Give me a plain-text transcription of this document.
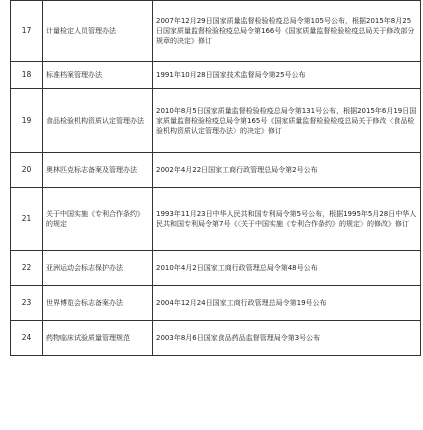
17	计量检定人员管理办法	2007年12月29日国家质量监督检验检疫总局令第105号公布，根据2015年8月25日国家质量监督检验检疫总局令第166号《国家质量监督检验检疫总局关于修改部分规章的决定》修订
18	标准档案管理办法	1991年10月28日国家技术监督局令第25号公布
19	食品检验机构资质认定管理办法	2010年8月5日国家质量监督检验检疫总局令第131号公布，根据2015年6月19日国家质量监督检验检疫总局令第165号《国家质量监督检验检疫总局关于修改〈食品检验机构资质认定管理办法〉的决定》修订
20	奥林匹克标志备案及管理办法	2002年4月22日国家工商行政管理总局令第2号公布
21	关于中国实施《专利合作条约》的规定	1993年11月23日中华人民共和国专利局令第5号公布，根据1995年5月28日中华人民共和国专利局令第7号《〈关于中国实施《专利合作条约》的规定〉的修改》修订
22	亚洲运动会标志保护办法	2010年4月2日国家工商行政管理总局令第48号公布
23	世界博览会标志备案办法	2004年12月24日国家工商行政管理总局令第19号公布
24	药物临床试验质量管理规范	2003年8月6日国家食品药品监督管理局令第3号公布
